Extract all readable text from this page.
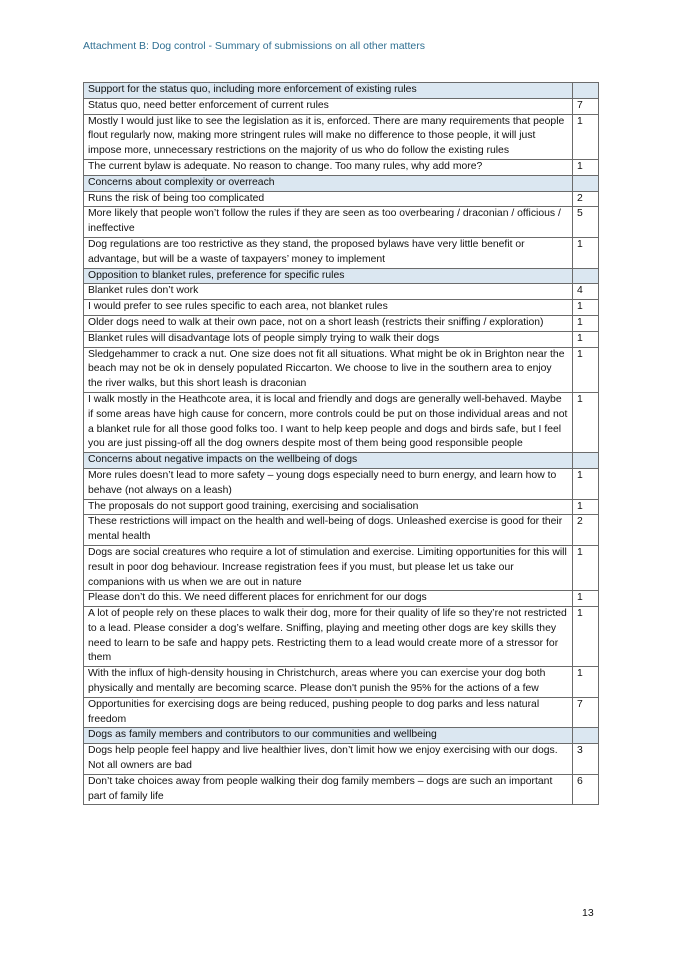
Attachment B: Dog control - Summary of submissions on all other matters
Support for the status quo, including more enforcement of existing rules	
Status quo, need better enforcement of current rules	7
Mostly I would just like to see the legislation as it is, enforced. There are many requirements that people flout regularly now, making more stringent rules will make no difference to those people, it will just impose more, unnecessary restrictions on the majority of us who do follow the existing rules	1
The current bylaw is adequate. No reason to change. Too many rules, why add more?	1
Concerns about complexity or overreach	
Runs the risk of being too complicated	2
More likely that people won’t follow the rules if they are seen as too overbearing / draconian / officious / ineffective	5
Dog regulations are too restrictive as they stand, the proposed bylaws have very little benefit or advantage, but will be a waste of taxpayers’ money to implement	1
Opposition to blanket rules, preference for specific rules	
Blanket rules don’t work	4
I would prefer to see rules specific to each area, not blanket rules	1
Older dogs need to walk at their own pace, not on a short leash (restricts their sniffing / exploration)	1
Blanket rules will disadvantage lots of people simply trying to walk their dogs	1
Sledgehammer to crack a nut. One size does not fit all situations. What might be ok in Brighton near the beach may not be ok in densely populated Riccarton. We choose to live in the southern area to enjoy the river walks, but this short leash is draconian	1
I walk mostly in the Heathcote area, it is local and friendly and dogs are generally well-behaved. Maybe if some areas have high cause for concern, more controls could be put on those individual areas and not a blanket rule for all those good folks too. I want to help keep people and dogs and birds safe, but I feel you are just pissing-off all the dog owners despite most of them being good responsible people	1
Concerns about negative impacts on the wellbeing of dogs	
More rules doesn’t lead to more safety – young dogs especially need to burn energy, and learn how to behave (not always on a leash)	1
The proposals do not support good training, exercising and socialisation	1
These restrictions will impact on the health and well-being of dogs. Unleashed exercise is good for their mental health	2
Dogs are social creatures who require a lot of stimulation and exercise. Limiting opportunities for this will result in poor dog behaviour. Increase registration fees if you must, but please let us take our companions with us when we are out in nature	1
Please don’t do this. We need different places for enrichment for our dogs	1
A lot of people rely on these places to walk their dog, more for their quality of life so they’re not restricted to a lead. Please consider a dog’s welfare. Sniffing, playing and meeting other dogs are key skills they need to learn to be safe and happy pets. Restricting them to a lead would create more of a stressor for them	1
With the influx of high-density housing in Christchurch, areas where you can exercise your dog both physically and mentally are becoming scarce. Please don't punish the 95% for the actions of a few	1
Opportunities for exercising dogs are being reduced, pushing people to dog parks and less natural freedom	7
Dogs as family members and contributors to our communities and wellbeing	
Dogs help people feel happy and live healthier lives, don’t limit how we enjoy exercising with our dogs. Not all owners are bad	3
Don’t take choices away from people walking their dog family members – dogs are such an important part of family life	6
13
